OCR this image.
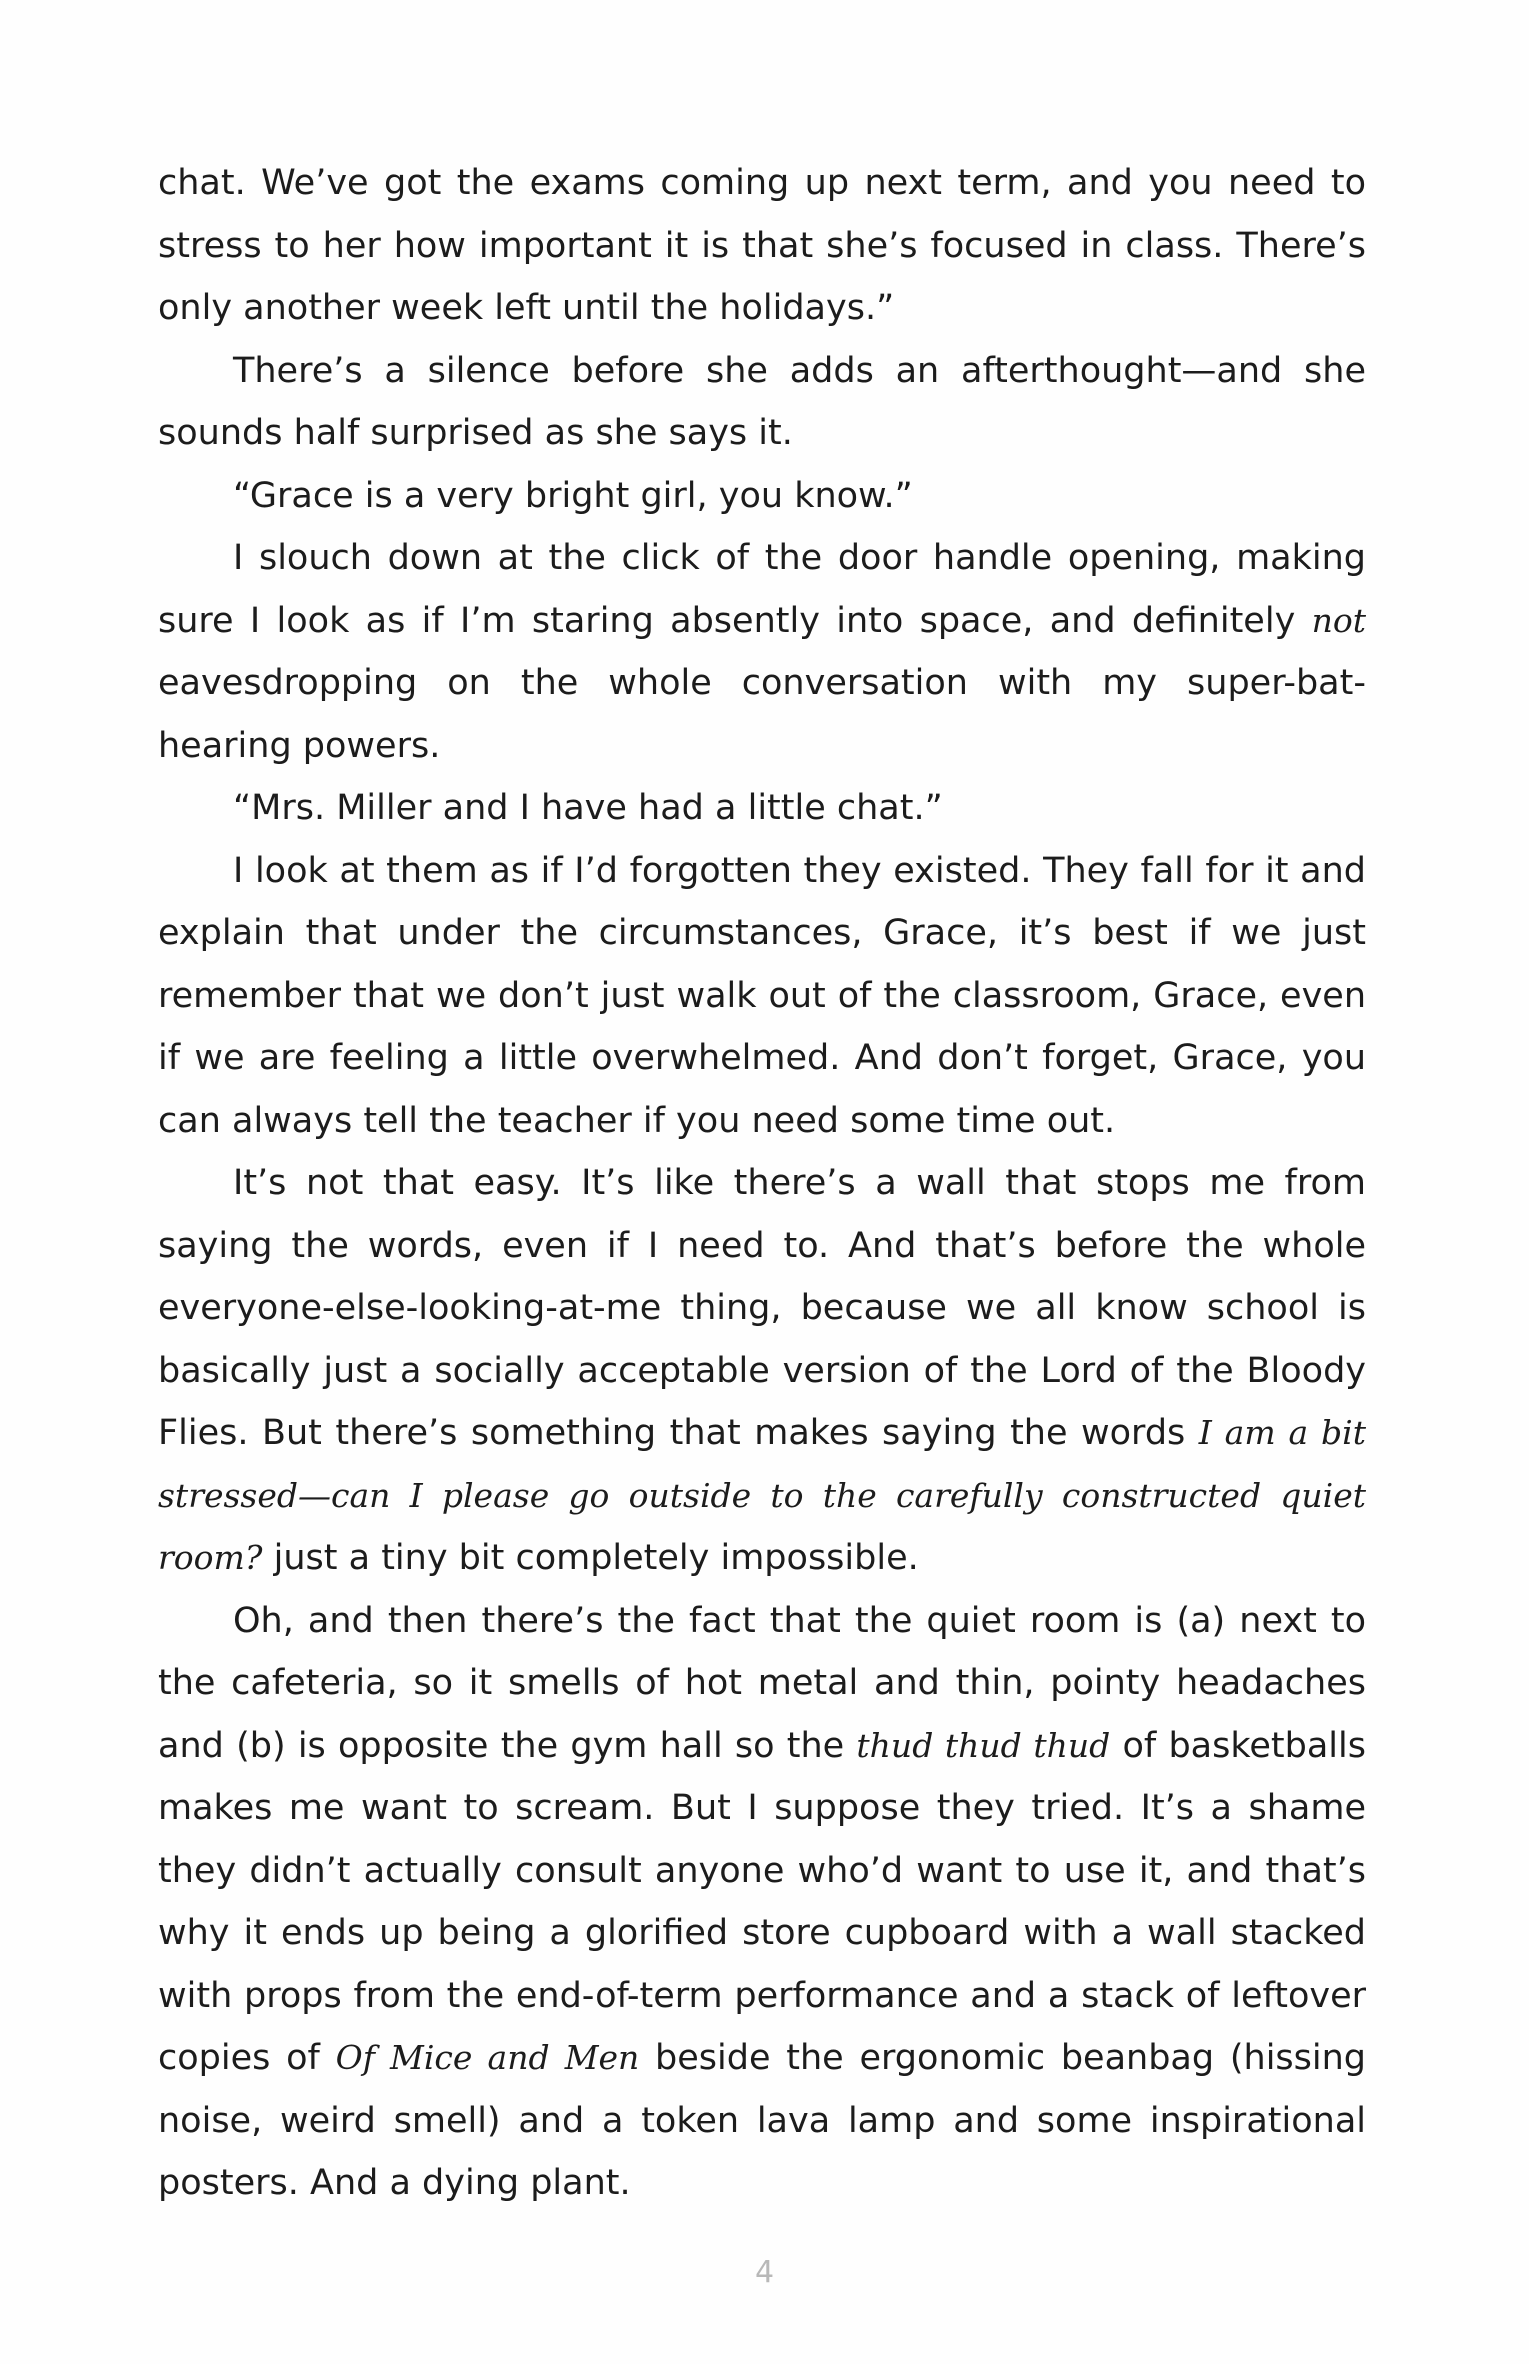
chat. We’ve got the exams coming up next term, and you need to stress to her how important it is that she’s focused in class. There’s only another week left until the holidays.”

There’s a silence before she adds an afterthought—and she sounds half surprised as she says it.

“Grace is a very bright girl, you know.”

I slouch down at the click of the door handle opening, making sure I look as if I’m staring absently into space, and definitely not eavesdropping on the whole conversation with my super-bat-hearing powers.

“Mrs. Miller and I have had a little chat.”

I look at them as if I’d forgotten they existed. They fall for it and explain that under the circumstances, Grace, it’s best if we just remember that we don’t just walk out of the classroom, Grace, even if we are feeling a little overwhelmed. And don’t forget, Grace, you can always tell the teacher if you need some time out.

It’s not that easy. It’s like there’s a wall that stops me from saying the words, even if I need to. And that’s before the whole everyone-else-looking-at-me thing, because we all know school is basically just a socially acceptable version of the Lord of the Bloody Flies. But there’s something that makes saying the words I am a bit stressed—can I please go outside to the carefully constructed quiet room? just a tiny bit completely impossible.

Oh, and then there’s the fact that the quiet room is (a) next to the cafeteria, so it smells of hot metal and thin, pointy headaches and (b) is opposite the gym hall so the thud thud thud of basketballs makes me want to scream. But I suppose they tried. It’s a shame they didn’t actually consult anyone who’d want to use it, and that’s why it ends up being a glorified store cupboard with a wall stacked with props from the end-of-term performance and a stack of leftover copies of Of Mice and Men beside the ergonomic beanbag (hissing noise, weird smell) and a token lava lamp and some inspirational posters. And a dying plant.

4
